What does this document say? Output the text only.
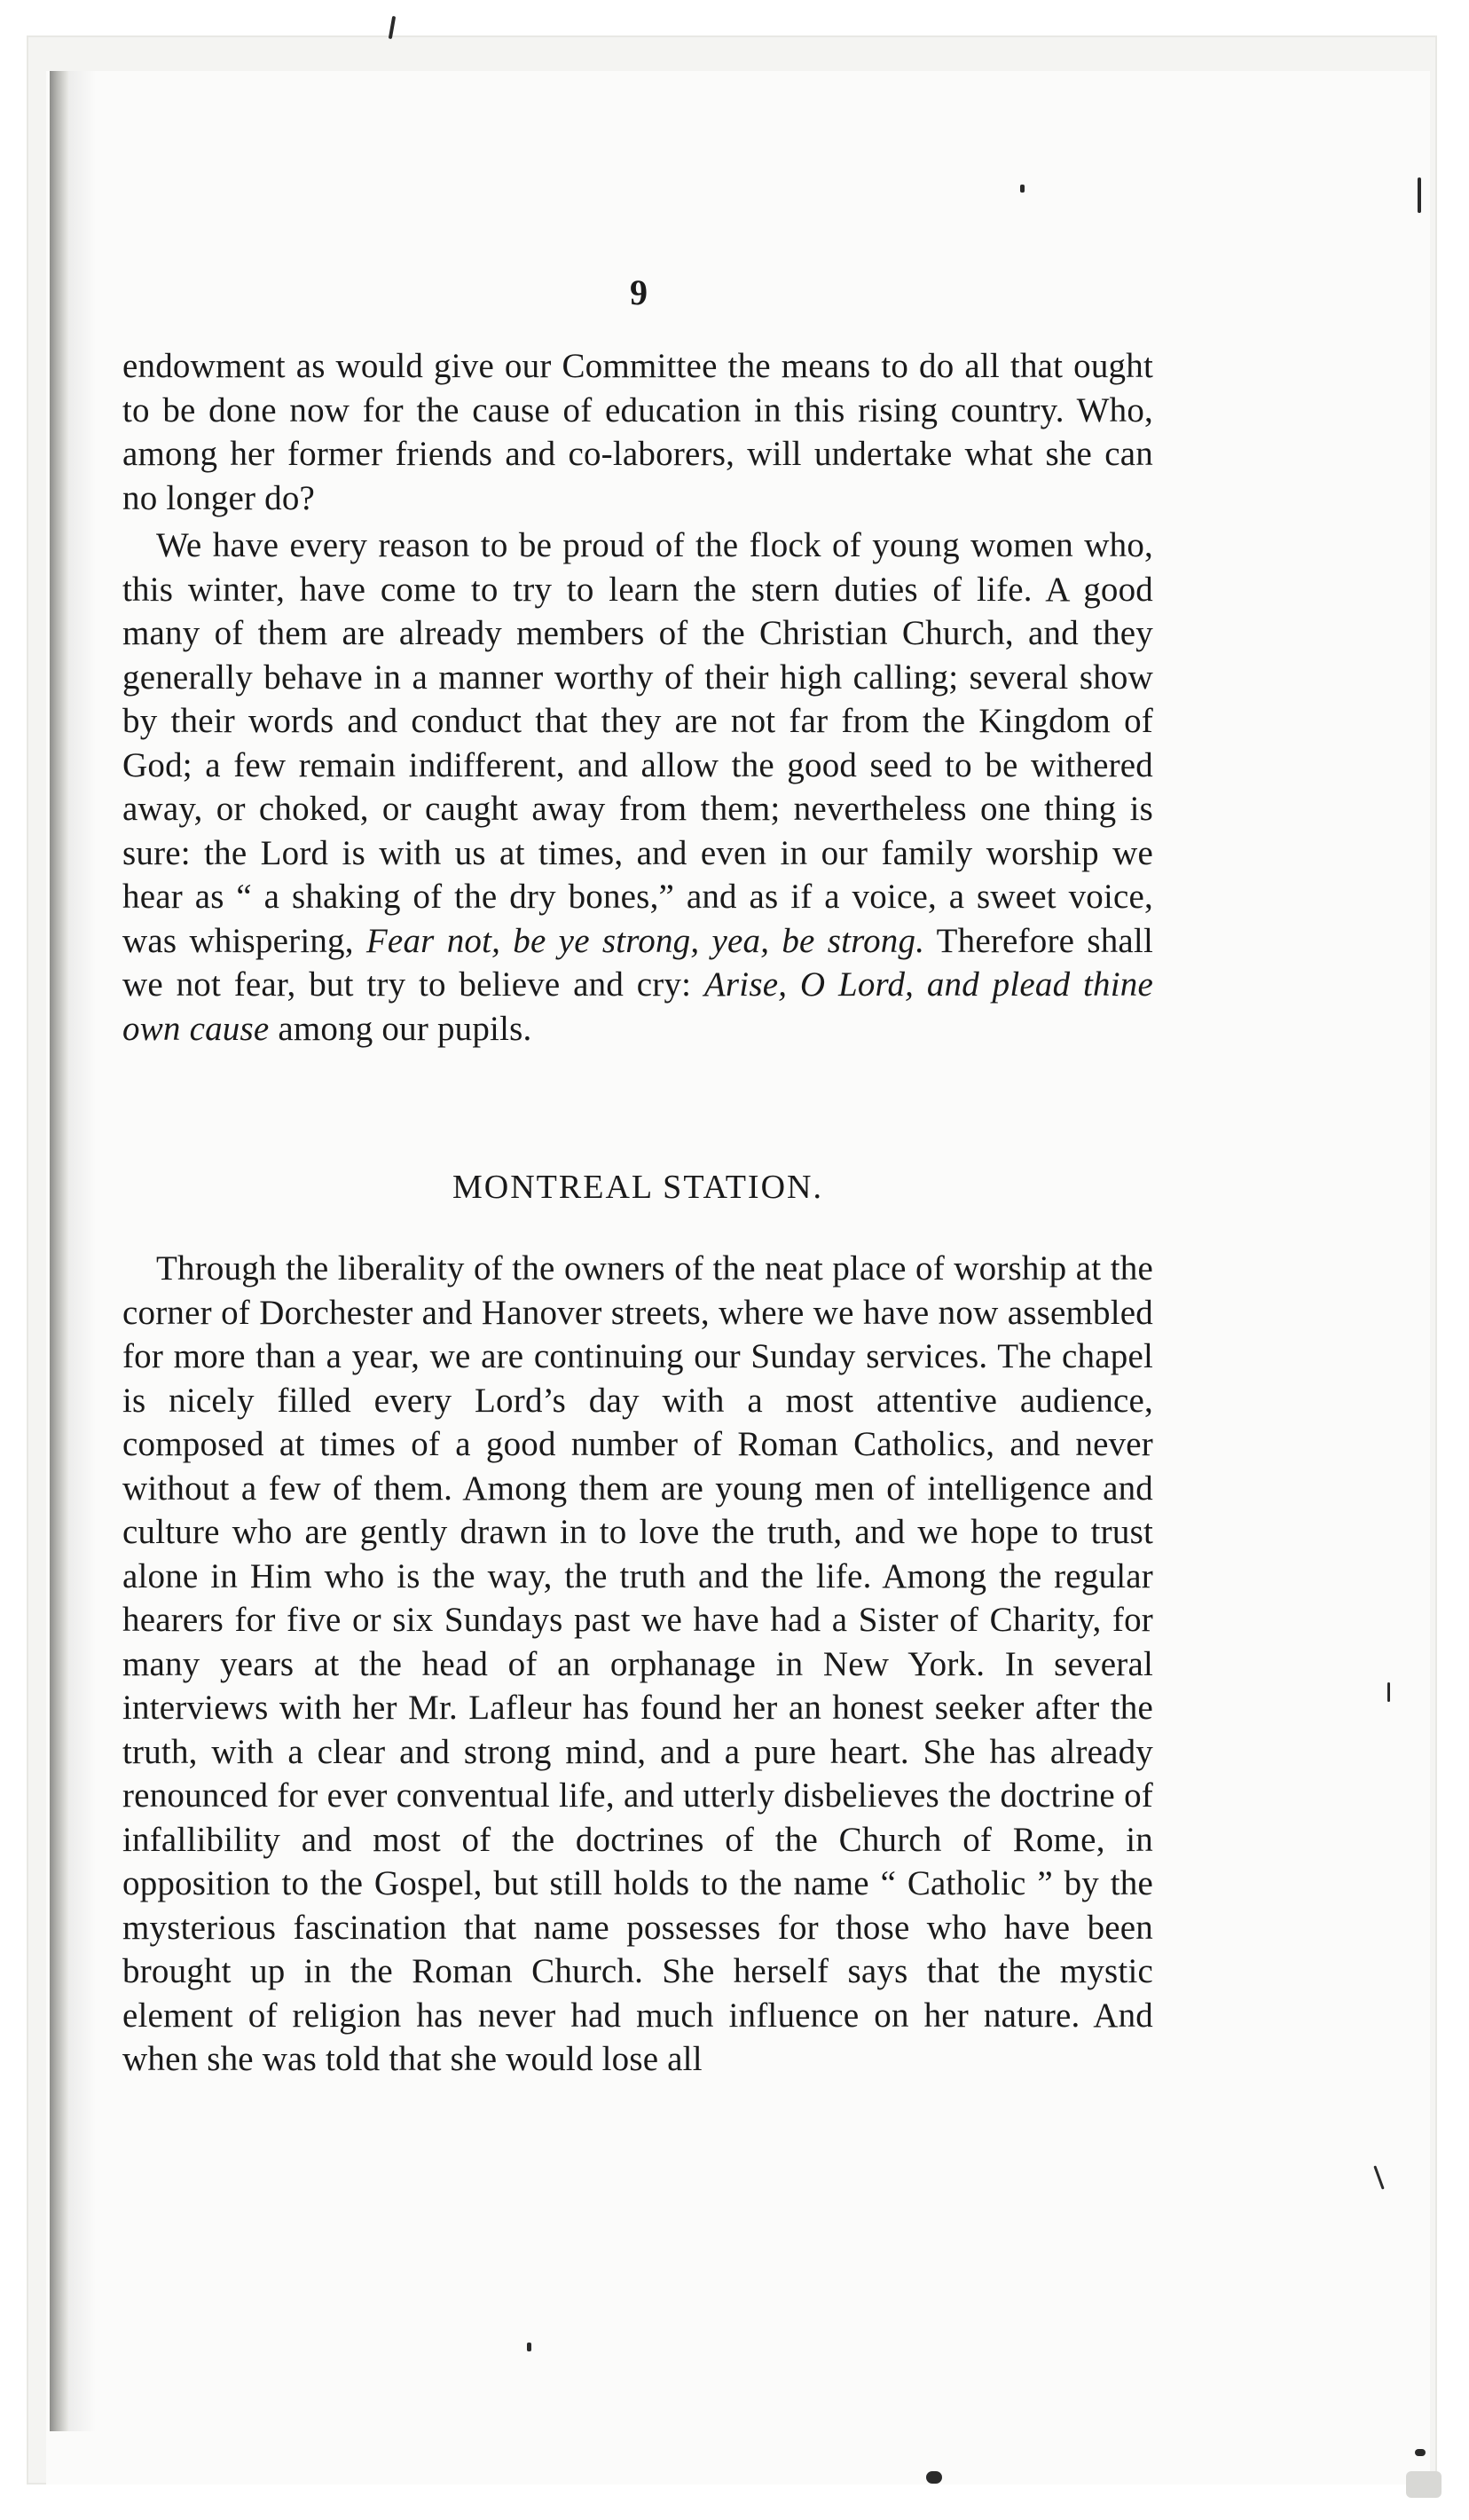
9

endowment as would give our Committee the means to do all that ought to be done now for the cause of education in this rising country. Who, among her former friends and co-laborers, will undertake what she can no longer do?

We have every reason to be proud of the flock of young women who, this winter, have come to try to learn the stern duties of life. A good many of them are already members of the Christian Church, and they generally behave in a manner worthy of their high calling; several show by their words and conduct that they are not far from the Kingdom of God; a few remain indifferent, and allow the good seed to be withered away, or choked, or caught away from them; nevertheless one thing is sure: the Lord is with us at times, and even in our family worship we hear as “ a shaking of the dry bones,” and as if a voice, a sweet voice, was whispering, Fear not, be ye strong, yea, be strong. Therefore shall we not fear, but try to believe and cry: Arise, O Lord, and plead thine own cause among our pupils.

MONTREAL STATION.

Through the liberality of the owners of the neat place of worship at the corner of Dorchester and Hanover streets, where we have now assembled for more than a year, we are continuing our Sunday services. The chapel is nicely filled every Lord’s day with a most attentive audience, composed at times of a good number of Roman Catholics, and never without a few of them. Among them are young men of intelligence and culture who are gently drawn in to love the truth, and we hope to trust alone in Him who is the way, the truth and the life. Among the regular hearers for five or six Sundays past we have had a Sister of Charity, for many years at the head of an orphanage in New York. In several interviews with her Mr. Lafleur has found her an honest seeker after the truth, with a clear and strong mind, and a pure heart. She has already renounced for ever conventual life, and utterly disbelieves the doctrine of infallibility and most of the doctrines of the Church of Rome, in opposition to the Gospel, but still holds to the name “ Catholic ” by the mysterious fascination that name possesses for those who have been brought up in the Roman Church. She herself says that the mystic element of religion has never had much influence on her nature. And when she was told that she would lose all
